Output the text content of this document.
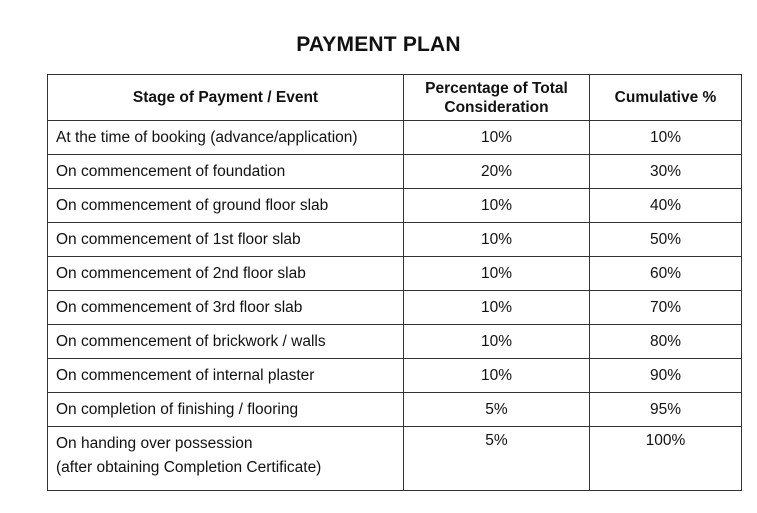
PAYMENT PLAN
Stage of Payment / Event	Percentage of Total Consideration	Cumulative %
At the time of booking (advance/application)	10%	10%
On commencement of foundation	20%	30%
On commencement of ground floor slab	10%	40%
On commencement of 1st floor slab	10%	50%
On commencement of 2nd floor slab	10%	60%
On commencement of 3rd floor slab	10%	70%
On commencement of brickwork / walls	10%	80%
On commencement of internal plaster	10%	90%
On completion of finishing / flooring	5%	95%

On handing over possession
(after obtaining Completion Certificate)	5%	100%
